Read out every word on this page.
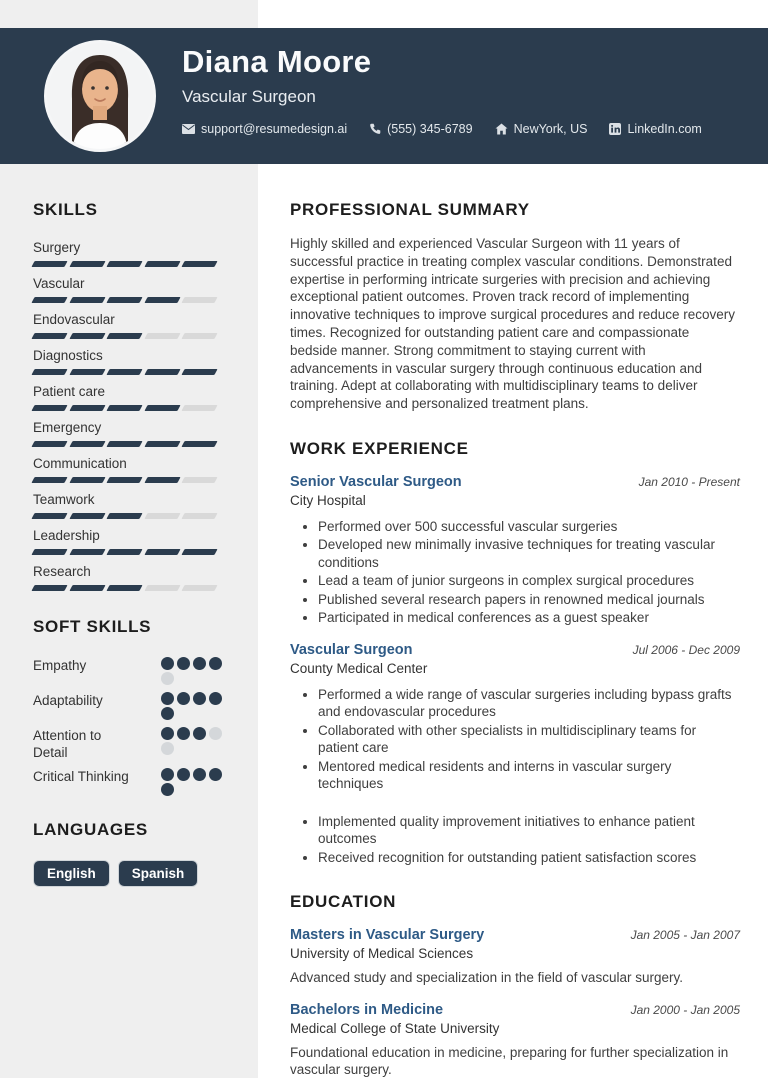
Diana Moore
Vascular Surgeon
support@resumedesign.ai	(555) 345-6789	NewYork, US	LinkedIn.com
SKILLS
Surgery
Vascular
Endovascular
Diagnostics
Patient care
Emergency
Communication
Teamwork
Leadership
Research
SOFT SKILLS
Empathy
Adaptability
Attention to Detail
Critical Thinking
LANGUAGES
English	Spanish
PROFESSIONAL SUMMARY

Highly skilled and experienced Vascular Surgeon with 11 years of successful practice in treating complex vascular conditions. Demonstrated expertise in performing intricate surgeries with precision and achieving exceptional patient outcomes. Proven track record of implementing innovative techniques to improve surgical procedures and reduce recovery times. Recognized for outstanding patient care and compassionate bedside manner. Strong commitment to staying current with advancements in vascular surgery through continuous education and training. Adept at collaborating with multidisciplinary teams to deliver comprehensive and personalized treatment plans.

WORK EXPERIENCE
Senior Vascular Surgeon	Jan 2010 - Present
City Hospital
• Performed over 500 successful vascular surgeries
• Developed new minimally invasive techniques for treating vascular conditions
• Lead a team of junior surgeons in complex surgical procedures
• Published several research papers in renowned medical journals
• Participated in medical conferences as a guest speaker
Vascular Surgeon	Jul 2006 - Dec 2009
County Medical Center
• Performed a wide range of vascular surgeries including bypass grafts and endovascular procedures
• Collaborated with other specialists in multidisciplinary teams for patient care
• Mentored medical residents and interns in vascular surgery techniques
• Implemented quality improvement initiatives to enhance patient outcomes
• Received recognition for outstanding patient satisfaction scores
EDUCATION
Masters in Vascular Surgery	Jan 2005 - Jan 2007
University of Medical Sciences

Advanced study and specialization in the field of vascular surgery.

Bachelors in Medicine	Jan 2000 - Jan 2005
Medical College of State University

Foundational education in medicine, preparing for further specialization in vascular surgery.
